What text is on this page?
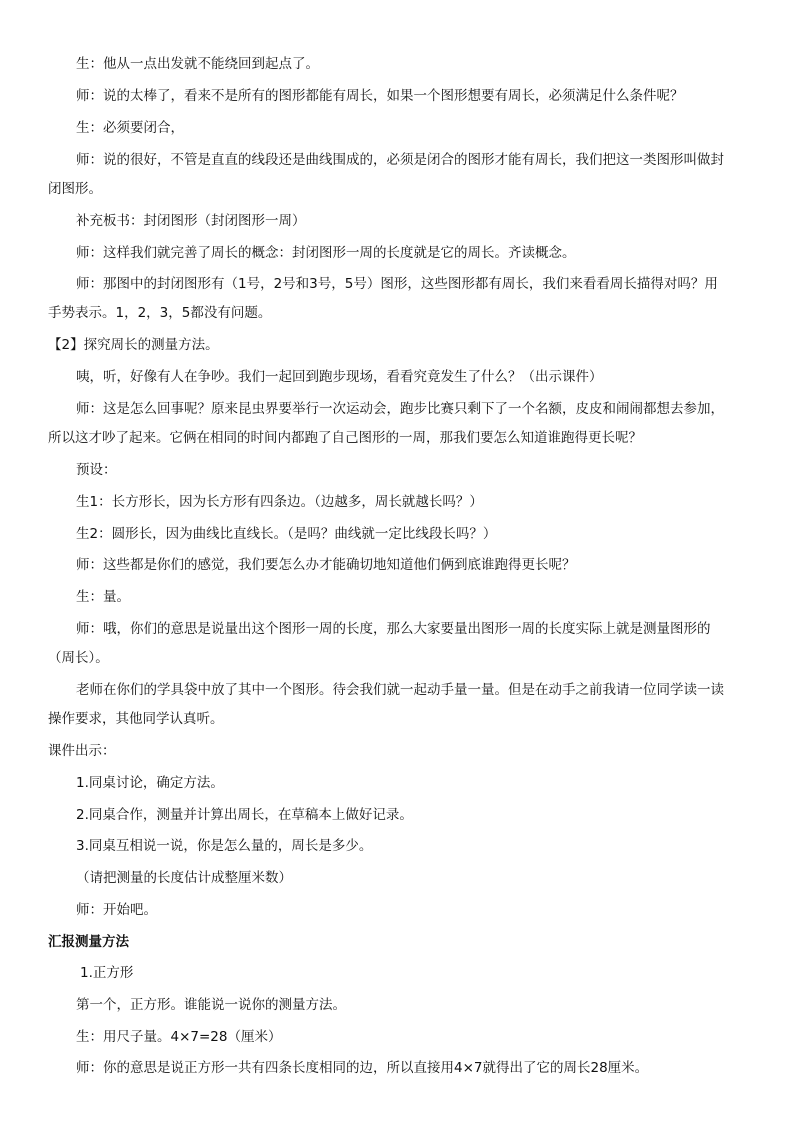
生：他从一点出发就不能绕回到起点了。

师：说的太棒了，看来不是所有的图形都能有周长，如果一个图形想要有周长，必须满足什么条件呢？

生：必须要闭合，

师：说的很好，不管是直直的线段还是曲线围成的，必须是闭合的图形才能有周长，我们把这一类图形叫做封

闭图形。

补充板书：封闭图形（封闭图形一周）

师：这样我们就完善了周长的概念：封闭图形一周的长度就是它的周长。齐读概念。

师：那图中的封闭图形有（1号，2号和3号，5号）图形，这些图形都有周长，我们来看看周长描得对吗？用

手势表示。1，2，3，5都没有问题。

【2】探究周长的测量方法。

咦，听，好像有人在争吵。我们一起回到跑步现场，看看究竟发生了什么？（出示课件）

师：这是怎么回事呢？原来昆虫界要举行一次运动会，跑步比赛只剩下了一个名额，皮皮和闹闹都想去参加，

所以这才吵了起来。它俩在相同的时间内都跑了自己图形的一周，那我们要怎么知道谁跑得更长呢？

预设：

生1：长方形长，因为长方形有四条边。（边越多，周长就越长吗？）

生2：圆形长，因为曲线比直线长。（是吗？曲线就一定比线段长吗？）

师：这些都是你们的感觉，我们要怎么办才能确切地知道他们俩到底谁跑得更长呢？

生：量。

师：哦，你们的意思是说量出这个图形一周的长度，那么大家要量出图形一周的长度实际上就是测量图形的

（周长）。

老师在你们的学具袋中放了其中一个图形。待会我们就一起动手量一量。但是在动手之前我请一位同学读一读

操作要求，其他同学认真听。

课件出示：

1.同桌讨论，确定方法。

2.同桌合作，测量并计算出周长，在草稿本上做好记录。

3.同桌互相说一说，你是怎么量的，周长是多少。

（请把测量的长度估计成整厘米数）

师：开始吧。

汇报测量方法

1.正方形

第一个，正方形。谁能说一说你的测量方法。

生：用尺子量。4×7=28（厘米）

师：你的意思是说正方形一共有四条长度相同的边，所以直接用4×7就得出了它的周长28厘米。
